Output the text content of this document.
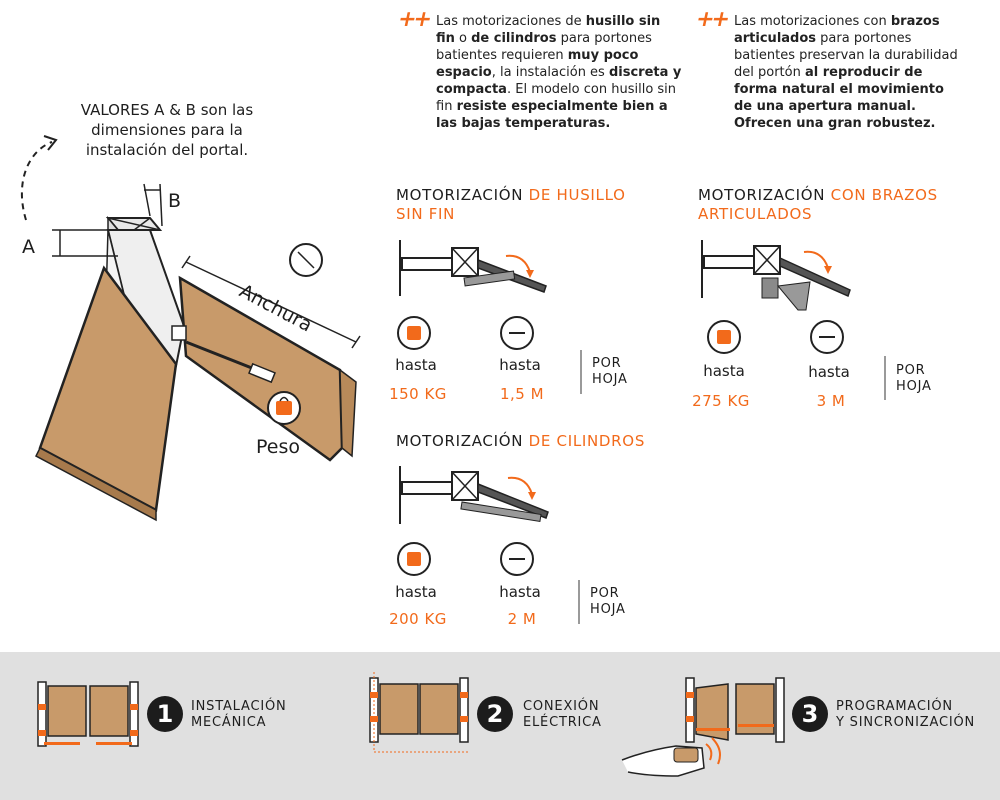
++ Las motorizaciones de husillo sin fin o de cilindros para portones batientes requieren muy poco espacio, la instalación es discreta y compacta. El modelo con husillo sin fin resiste especialmente bien a las bajas temperaturas.
++ Las motorizaciones con brazos articulados para portones batientes preservan la durabilidad del portón al reproducir de forma natural el movimiento de una apertura manual. Ofrecen una gran robustez.
VALORES A & B son las dimensiones para la instalación del portal.
A
B
Anchura
Peso
MOTORIZACIÓN DE HUSILLO SIN FIN
hasta
150 KG
hasta
1,5 M
POR
HOJA
MOTORIZACIÓN DE CILINDROS
hasta
200 KG
hasta
2 M
POR
HOJA
MOTORIZACIÓN CON BRAZOS ARTICULADOS
hasta
275 KG
hasta
3 M
POR
HOJA
1	INSTALACIÓN
MECÁNICA	2	CONEXIÓN
ELÉCTRICA	3	PROGRAMACIÓN
Y SINCRONIZACIÓN
